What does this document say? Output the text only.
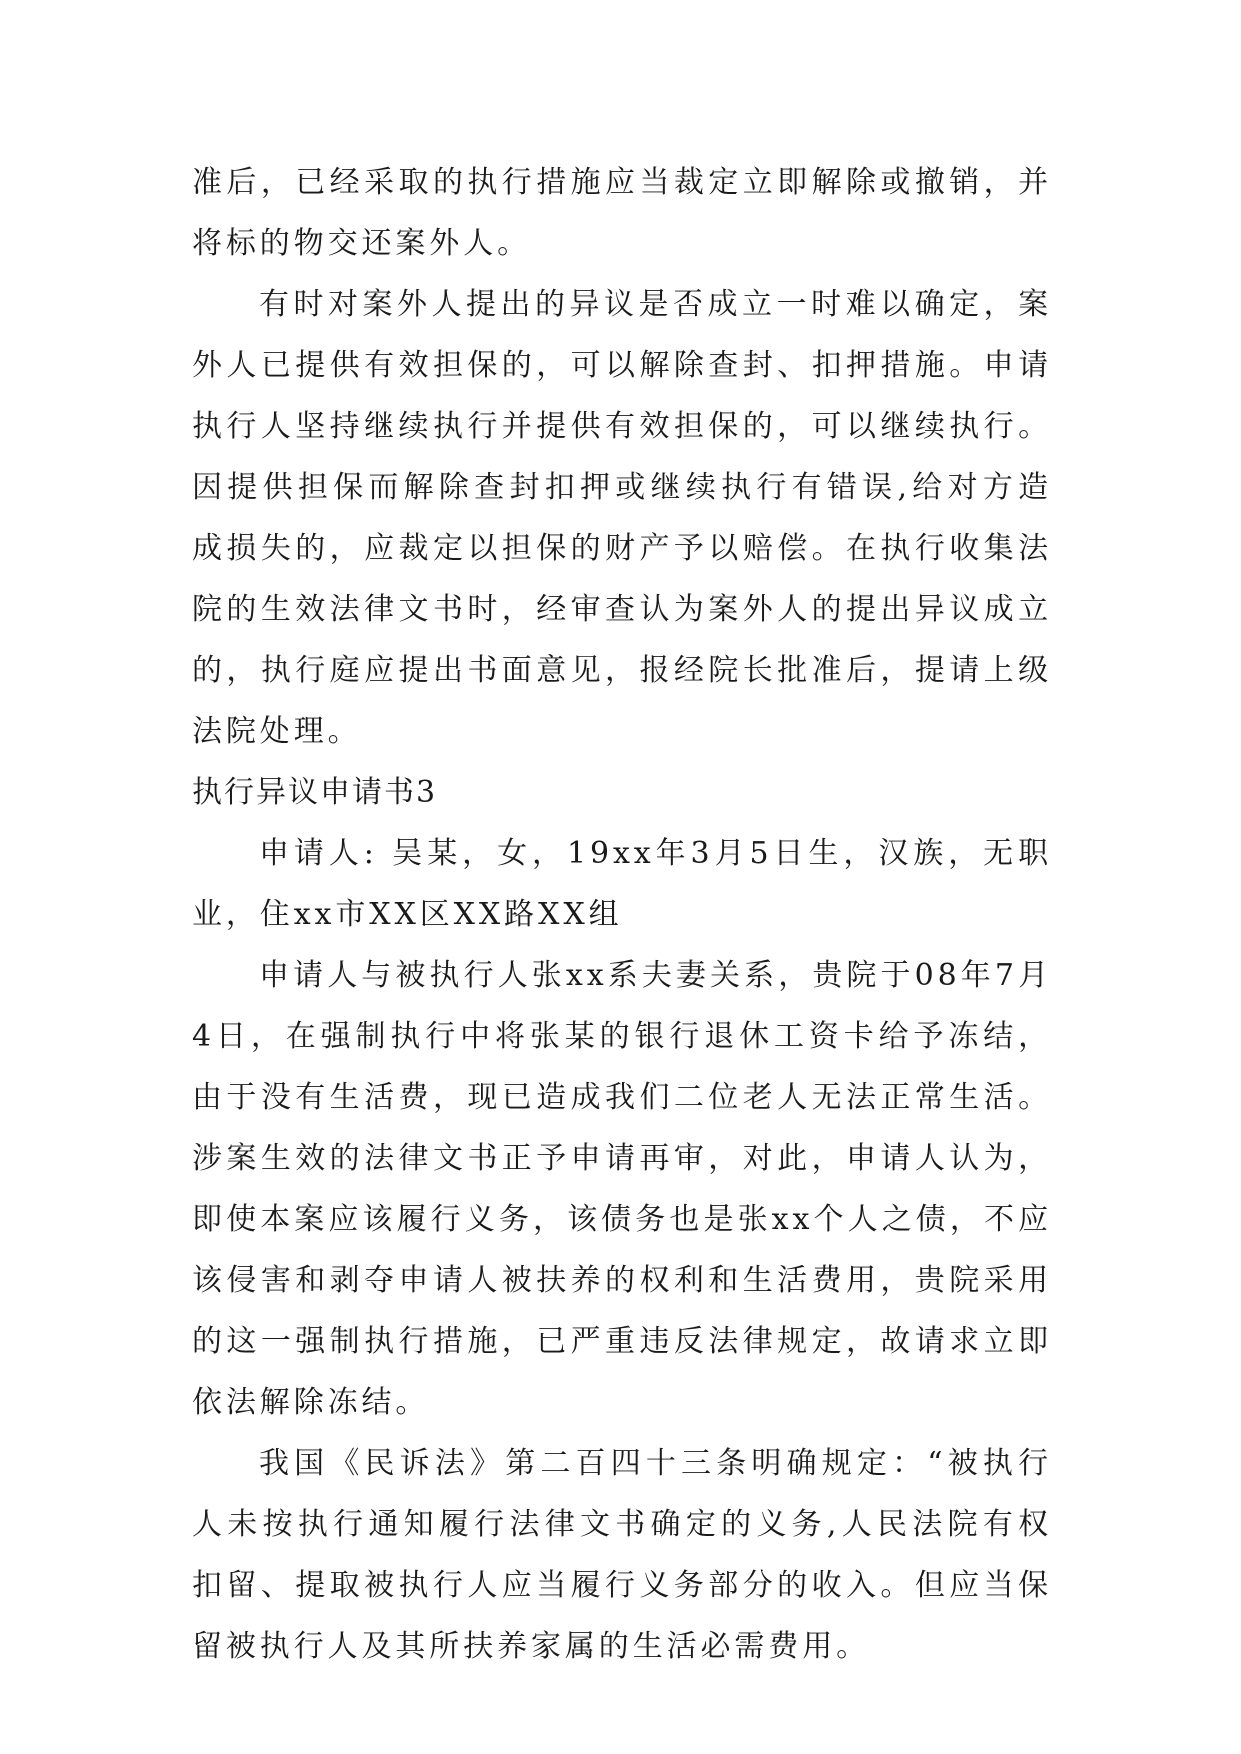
准后，已经采取的执行措施应当裁定立即解除或撤销，并将标的物交还案外人。

有时对案外人提出的异议是否成立一时难以确定，案外人已提供有效担保的，可以解除查封、扣押措施。申请执行人坚持继续执行并提供有效担保的，可以继续执行。因提供担保而解除查封扣押或继续执行有错误,给对方造成损失的，应裁定以担保的财产予以赔偿。在执行收集法院的生效法律文书时，经审查认为案外人的提出异议成立的，执行庭应提出书面意见，报经院长批准后，提请上级法院处理。

执行异议申请书3

申请人: 吴某，女，19xx年3月5日生，汉族，无职业，住xx市XX区XX路XX组

申请人与被执行人张xx系夫妻关系，贵院于08年7月4日，在强制执行中将张某的银行退休工资卡给予冻结，由于没有生活费，现已造成我们二位老人无法正常生活。涉案生效的法律文书正予申请再审，对此，申请人认为，即使本案应该履行义务，该债务也是张xx个人之债，不应该侵害和剥夺申请人被扶养的权利和生活费用，贵院采用的这一强制执行措施，已严重违反法律规定，故请求立即依法解除冻结。

我国《民诉法》第二百四十三条明确规定：“被执行人未按执行通知履行法律文书确定的义务,人民法院有权扣留、提取被执行人应当履行义务部分的收入。但应当保留被执行人及其所扶养家属的生活必需费用。
